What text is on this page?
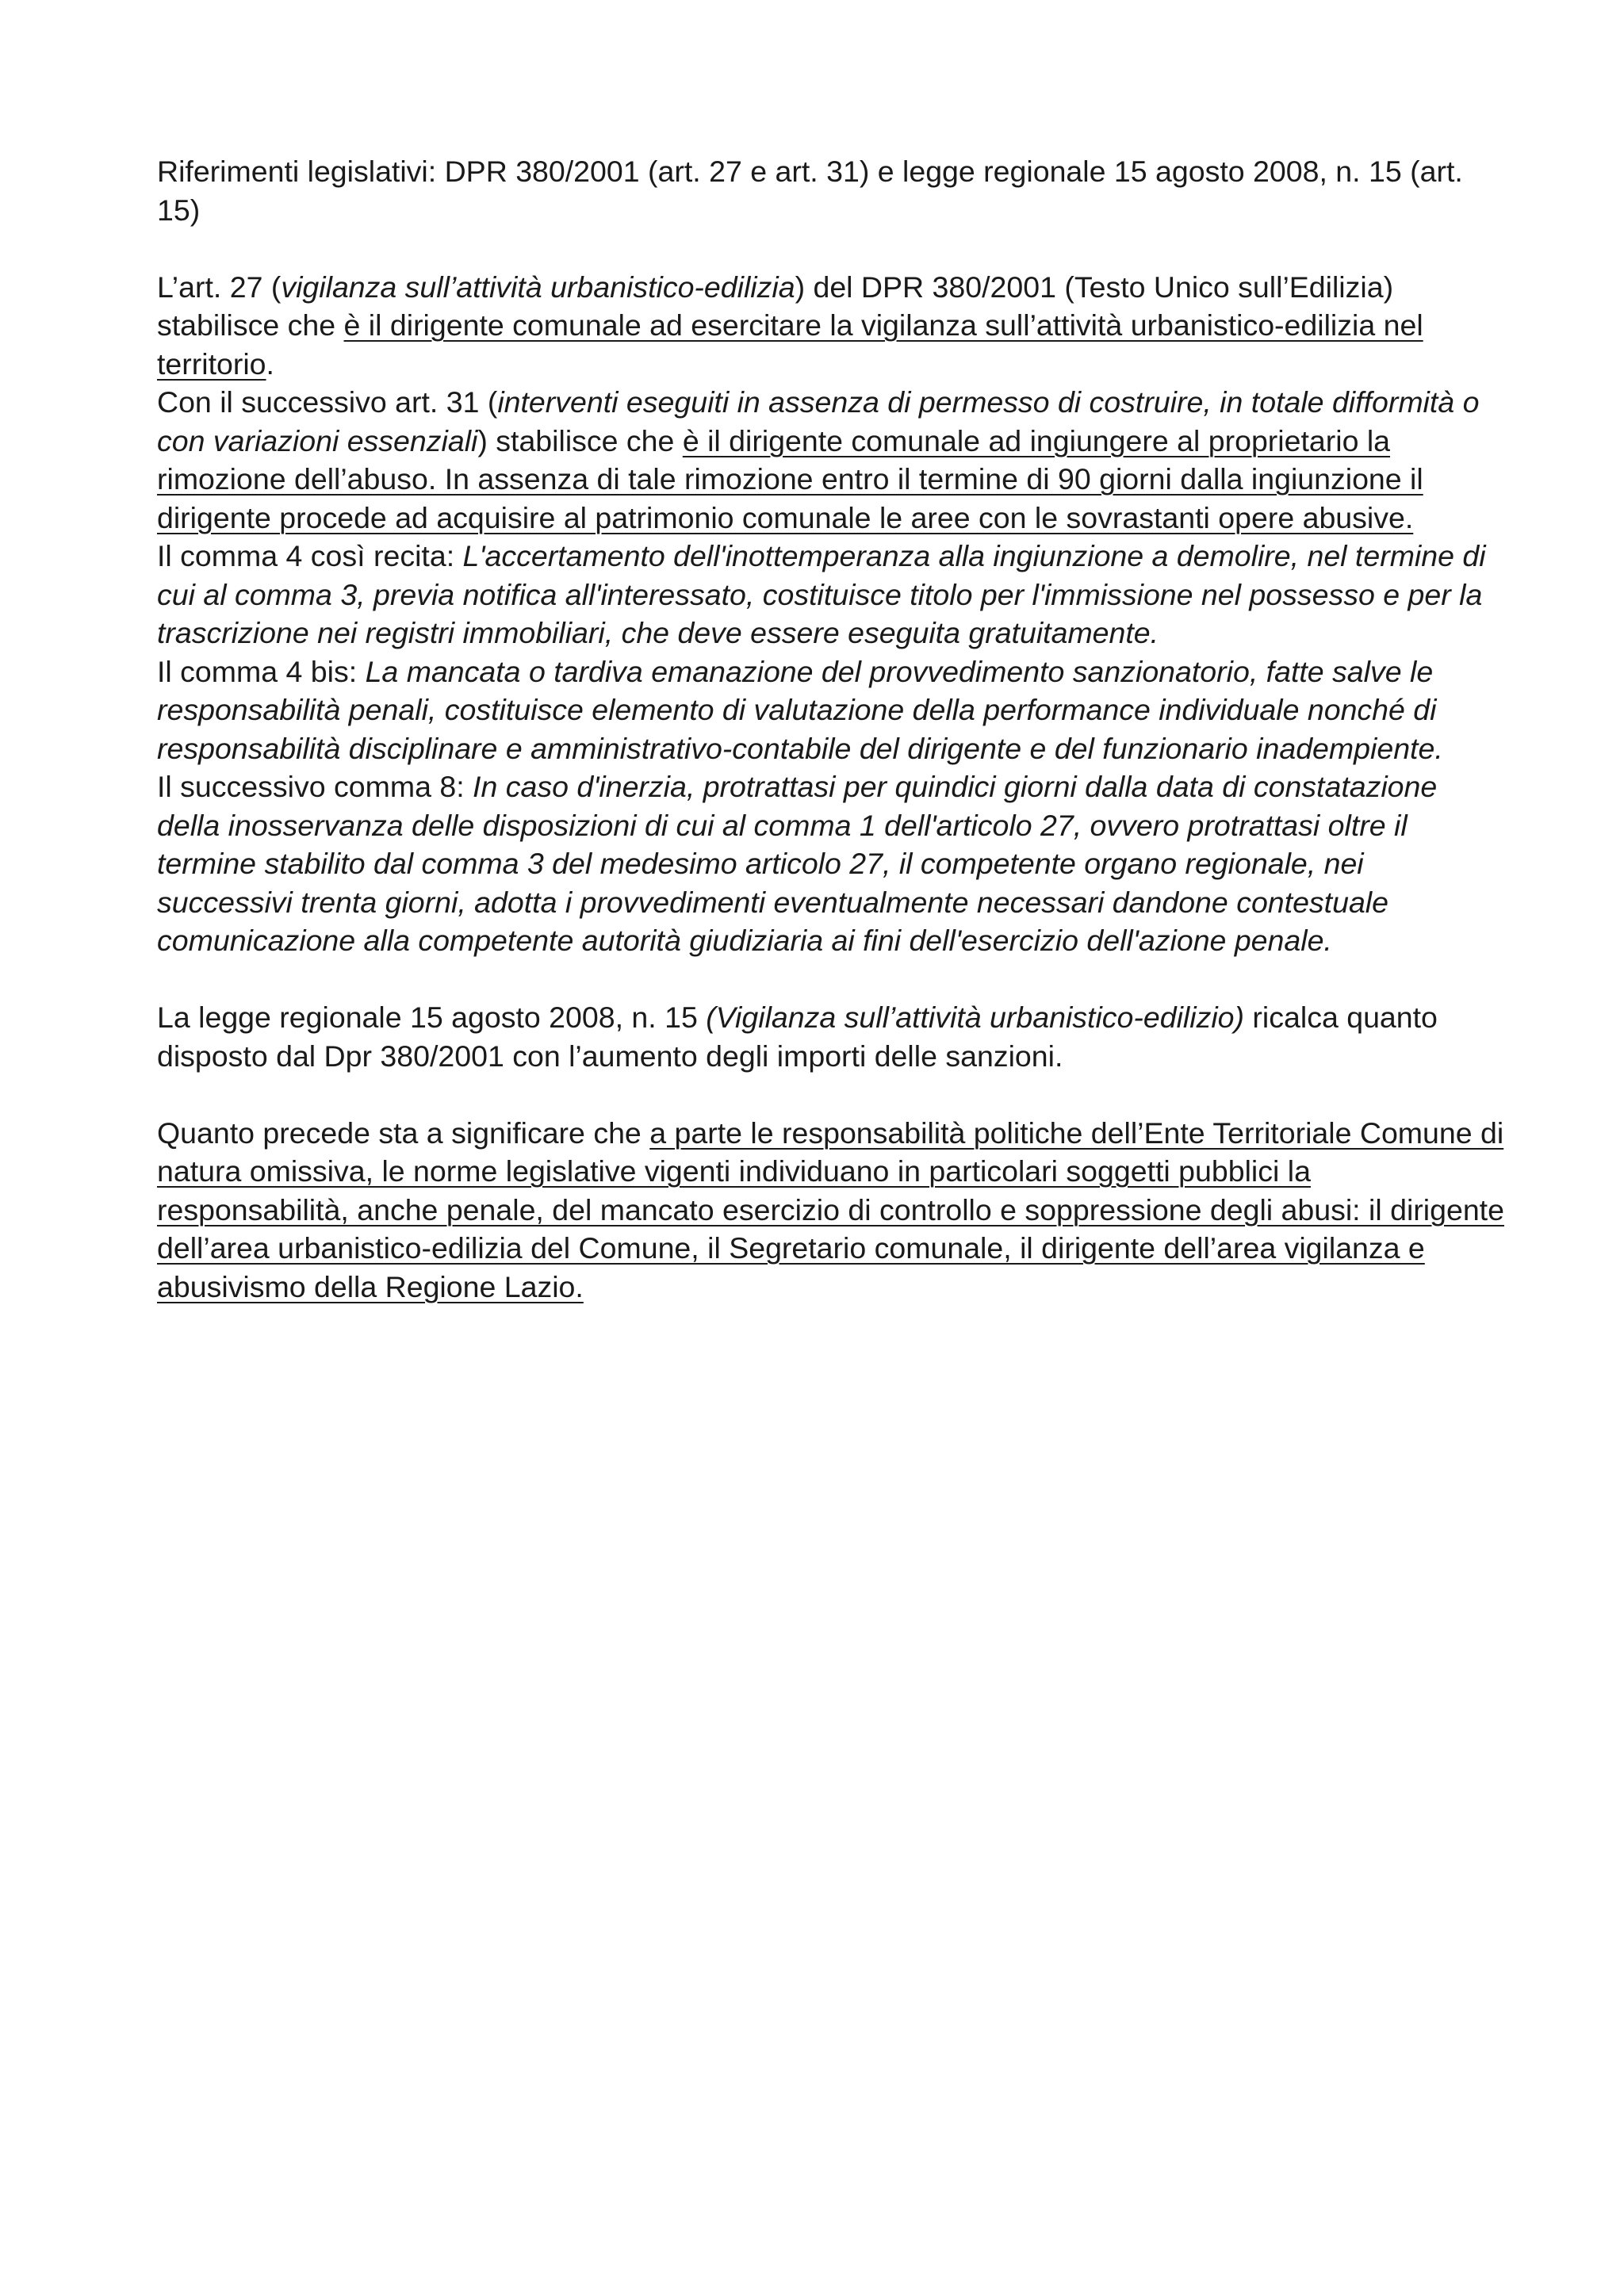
Riferimenti legislativi: DPR 380/2001 (art. 27 e art. 31) e legge regionale 15 agosto 2008, n. 15 (art. 15)

L’art. 27 (vigilanza sull’attività urbanistico-edilizia) del DPR 380/2001 (Testo Unico sull’Edilizia) stabilisce che è il dirigente comunale ad esercitare la vigilanza sull’attività urbanistico-edilizia nel territorio.

Con il successivo art. 31 (interventi eseguiti in assenza di permesso di costruire, in totale difformità o con variazioni essenziali) stabilisce che è il dirigente comunale ad ingiungere al proprietario la rimozione dell’abuso. In assenza di tale rimozione entro il termine di 90 giorni dalla ingiunzione il dirigente procede ad acquisire al patrimonio comunale le aree con le sovrastanti opere abusive.

Il comma 4 così recita: L'accertamento dell'inottemperanza alla ingiunzione a demolire, nel termine di cui al comma 3, previa notifica all'interessato, costituisce titolo per l'immissione nel possesso e per la trascrizione nei registri immobiliari, che deve essere eseguita gratuitamente.

Il comma 4 bis: La mancata o tardiva emanazione del provvedimento sanzionatorio, fatte salve le responsabilità penali, costituisce elemento di valutazione della performance individuale nonché di responsabilità disciplinare e amministrativo-contabile del dirigente e del funzionario inadempiente.

Il successivo comma 8: In caso d'inerzia, protrattasi per quindici giorni dalla data di constatazione della inosservanza delle disposizioni di cui al comma 1 dell'articolo 27, ovvero protrattasi oltre il termine stabilito dal comma 3 del medesimo articolo 27, il competente organo regionale, nei successivi trenta giorni, adotta i provvedimenti eventualmente necessari dandone contestuale comunicazione alla competente autorità giudiziaria ai fini dell'esercizio dell'azione penale.

La legge regionale 15 agosto 2008, n. 15 (Vigilanza sull’attività urbanistico-edilizio) ricalca quanto disposto dal Dpr 380/2001 con l’aumento degli importi delle sanzioni.

Quanto precede sta a significare che a parte le responsabilità politiche dell’Ente Territoriale Comune di natura omissiva, le norme legislative vigenti individuano in particolari soggetti pubblici la responsabilità, anche penale, del mancato esercizio di controllo e soppressione degli abusi: il dirigente dell’area urbanistico-edilizia del Comune, il Segretario comunale, il dirigente dell’area vigilanza e abusivismo della Regione Lazio.
